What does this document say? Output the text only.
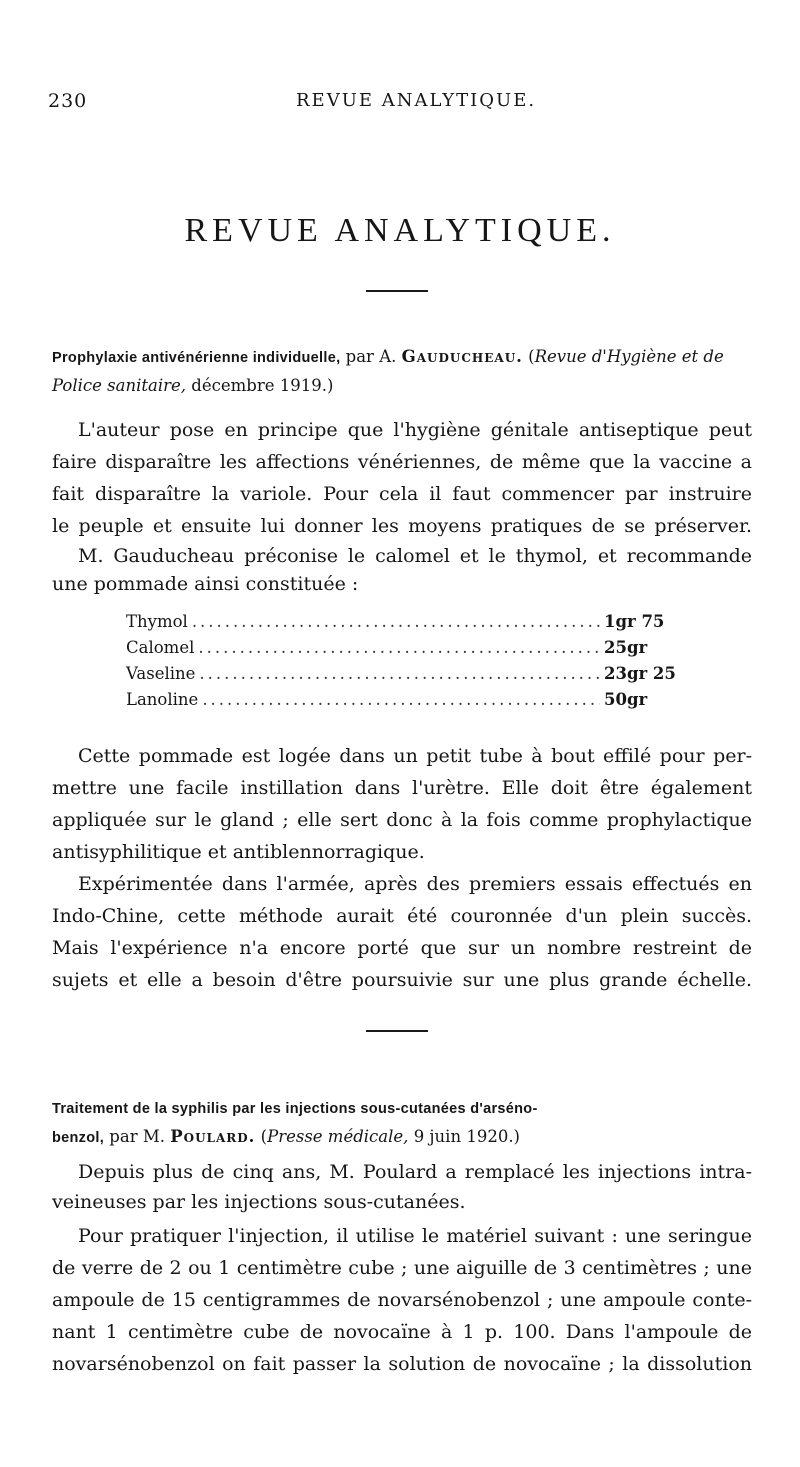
230	REVUE ANALYTIQUE.
REVUE ANALYTIQUE.
Prophylaxie antivénérienne individuelle, par A. Gauducheau. (Revue d'Hygiène et de Police sanitaire, décembre 1919.)
L'auteur pose en principe que l'hygiène génitale antiseptique peut
faire disparaître les affections vénériennes, de même que la vaccine a
fait disparaître la variole. Pour cela il faut commencer par instruire
le peuple et ensuite lui donner les moyens pratiques de se préserver.
M. Gauducheau préconise le calomel et le thymol, et recommande
une pommade ainsi constituée :
Thymol .....	1gr 75
Calomel .....	25gr
Vaseline .....	23gr 25
Lanoline .....	50gr
Cette pommade est logée dans un petit tube à bout effilé pour per-
mettre une facile instillation dans l'urètre. Elle doit être également
appliquée sur le gland ; elle sert donc à la fois comme prophylactique
antisyphilitique et antiblennorragique.
Expérimentée dans l'armée, après des premiers essais effectués en
Indo-Chine, cette méthode aurait été couronnée d'un plein succès.
Mais l'expérience n'a encore porté que sur un nombre restreint de
sujets et elle a besoin d'être poursuivie sur une plus grande échelle.
Traitement de la syphilis par les injections sous-cutanées d'arséno-
benzol, par M. Poulard. (Presse médicale, 9 juin 1920.)
Depuis plus de cinq ans, M. Poulard a remplacé les injections intra-
veineuses par les injections sous-cutanées.
Pour pratiquer l'injection, il utilise le matériel suivant : une seringue
de verre de 2 ou 1 centimètre cube ; une aiguille de 3 centimètres ; une
ampoule de 15 centigrammes de novarsénobenzol ; une ampoule conte-
nant 1 centimètre cube de novocaïne à 1 p. 100. Dans l'ampoule de
novarsénobenzol on fait passer la solution de novocaïne ; la dissolution
